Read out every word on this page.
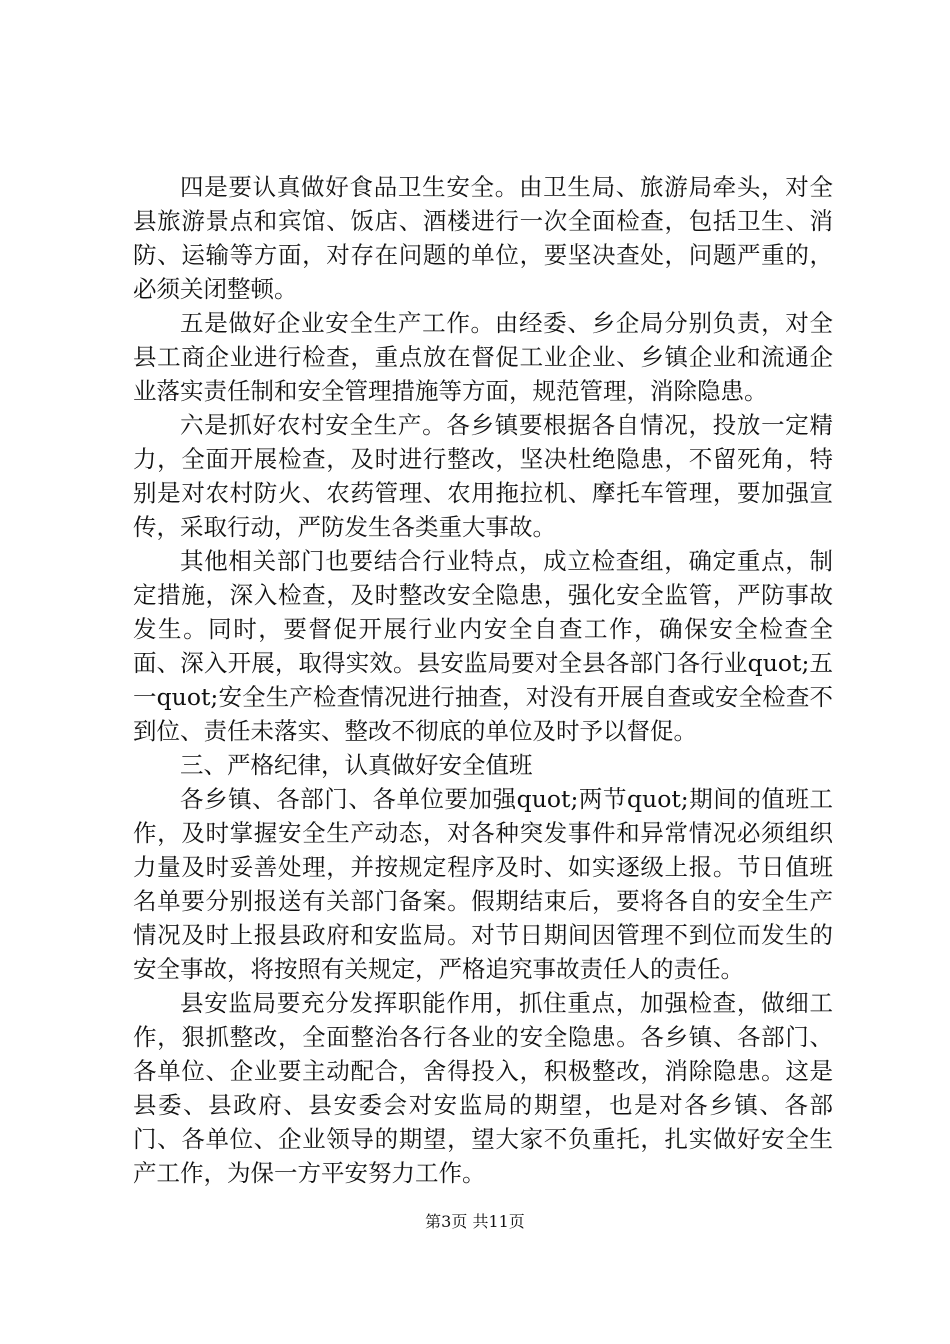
四是要认真做好食品卫生安全。由卫生局、旅游局牵头，对全县旅游景点和宾馆、饭店、酒楼进行一次全面检查，包括卫生、消防、运输等方面，对存在问题的单位，要坚决查处，问题严重的，必须关闭整顿。

五是做好企业安全生产工作。由经委、乡企局分别负责，对全县工商企业进行检查，重点放在督促工业企业、乡镇企业和流通企业落实责任制和安全管理措施等方面，规范管理，消除隐患。

六是抓好农村安全生产。各乡镇要根据各自情况，投放一定精力，全面开展检查，及时进行整改，坚决杜绝隐患，不留死角，特别是对农村防火、农药管理、农用拖拉机、摩托车管理，要加强宣传，采取行动，严防发生各类重大事故。

其他相关部门也要结合行业特点，成立检查组，确定重点，制定措施，深入检查，及时整改安全隐患，强化安全监管，严防事故发生。同时，要督促开展行业内安全自查工作，确保安全检查全面、深入开展，取得实效。县安监局要对全县各部门各行业quot;五一quot;安全生产检查情况进行抽查，对没有开展自查或安全检查不到位、责任未落实、整改不彻底的单位及时予以督促。

三、严格纪律，认真做好安全值班

各乡镇、各部门、各单位要加强quot;两节quot;期间的值班工作，及时掌握安全生产动态，对各种突发事件和异常情况必须组织力量及时妥善处理，并按规定程序及时、如实逐级上报。节日值班名单要分别报送有关部门备案。假期结束后，要将各自的安全生产情况及时上报县政府和安监局。对节日期间因管理不到位而发生的安全事故，将按照有关规定，严格追究事故责任人的责任。

县安监局要充分发挥职能作用，抓住重点，加强检查，做细工作，狠抓整改，全面整治各行各业的安全隐患。各乡镇、各部门、各单位、企业要主动配合，舍得投入，积极整改，消除隐患。这是县委、县政府、县安委会对安监局的期望，也是对各乡镇、各部门、各单位、企业领导的期望，望大家不负重托，扎实做好安全生产工作，为保一方平安努力工作。

第3页 共11页
